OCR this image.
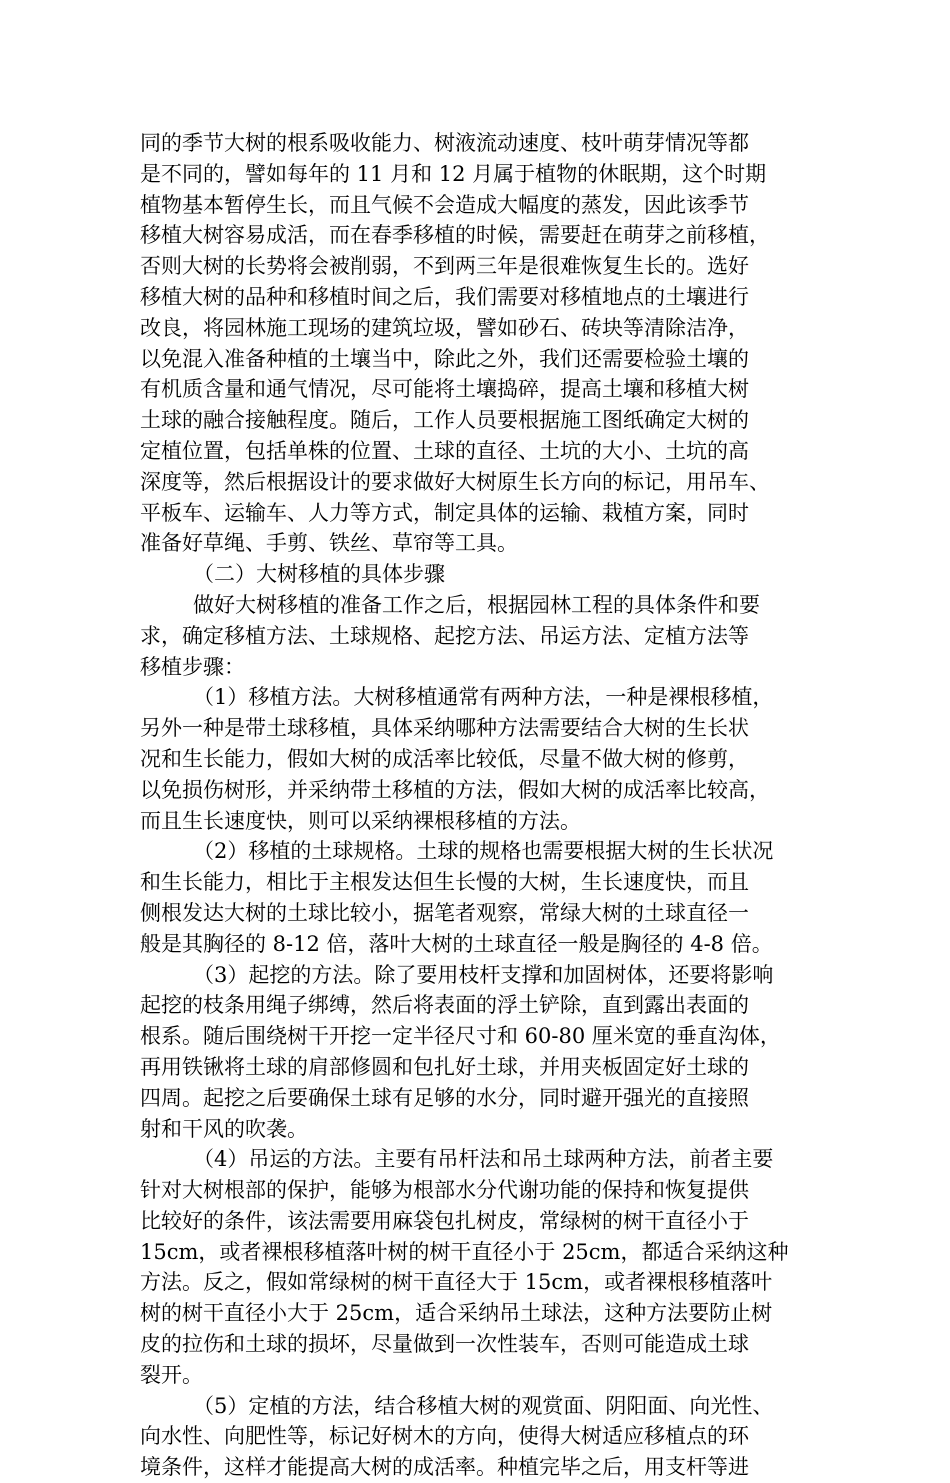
同的季节大树的根系吸收能力、树液流动速度、枝叶萌芽情况等都
是不同的，譬如每年的 11 月和 12 月属于植物的休眠期，这个时期
植物基本暂停生长，而且气候不会造成大幅度的蒸发，因此该季节
移植大树容易成活，而在春季移植的时候，需要赶在萌芽之前移植，
否则大树的长势将会被削弱，不到两三年是很难恢复生长的。选好
移植大树的品种和移植时间之后，我们需要对移植地点的土壤进行
改良，将园林施工现场的建筑垃圾，譬如砂石、砖块等清除洁净，
以免混入准备种植的土壤当中，除此之外，我们还需要检验土壤的
有机质含量和通气情况，尽可能将土壤捣碎，提高土壤和移植大树
土球的融合接触程度。随后，工作人员要根据施工图纸确定大树的
定植位置，包括单株的位置、土球的直径、土坑的大小、土坑的高
深度等，然后根据设计的要求做好大树原生长方向的标记，用吊车、
平板车、运输车、人力等方式，制定具体的运输、栽植方案，同时
准备好草绳、手剪、铁丝、草帘等工具。
（二）大树移植的具体步骤
做好大树移植的准备工作之后，根据园林工程的具体条件和要
求，确定移植方法、土球规格、起挖方法、吊运方法、定植方法等
移植步骤：
（1）移植方法。大树移植通常有两种方法，一种是裸根移植，
另外一种是带土球移植，具体采纳哪种方法需要结合大树的生长状
况和生长能力，假如大树的成活率比较低，尽量不做大树的修剪，
以免损伤树形，并采纳带土移植的方法，假如大树的成活率比较高，
而且生长速度快，则可以采纳裸根移植的方法。
（2）移植的土球规格。土球的规格也需要根据大树的生长状况
和生长能力，相比于主根发达但生长慢的大树，生长速度快，而且
侧根发达大树的土球比较小，据笔者观察，常绿大树的土球直径一
般是其胸径的 8-12 倍，落叶大树的土球直径一般是胸径的 4-8 倍。
（3）起挖的方法。除了要用枝杆支撑和加固树体，还要将影响
起挖的枝条用绳子绑缚，然后将表面的浮土铲除，直到露出表面的
根系。随后围绕树干开挖一定半径尺寸和 60-80 厘米宽的垂直沟体，
再用铁锹将土球的肩部修圆和包扎好土球，并用夹板固定好土球的
四周。起挖之后要确保土球有足够的水分，同时避开强光的直接照
射和干风的吹袭。
（4）吊运的方法。主要有吊杆法和吊土球两种方法，前者主要
针对大树根部的保护，能够为根部水分代谢功能的保持和恢复提供
比较好的条件，该法需要用麻袋包扎树皮，常绿树的树干直径小于
15cm，或者裸根移植落叶树的树干直径小于 25cm，都适合采纳这种
方法。反之，假如常绿树的树干直径大于 15cm，或者裸根移植落叶
树的树干直径小大于 25cm，适合采纳吊土球法，这种方法要防止树
皮的拉伤和土球的损坏，尽量做到一次性装车，否则可能造成土球
裂开。
（5）定植的方法，结合移植大树的观赏面、阴阳面、向光性、
向水性、向肥性等，标记好树木的方向，使得大树适应移植点的环
境条件，这样才能提高大树的成活率。种植完毕之后，用支杆等进
